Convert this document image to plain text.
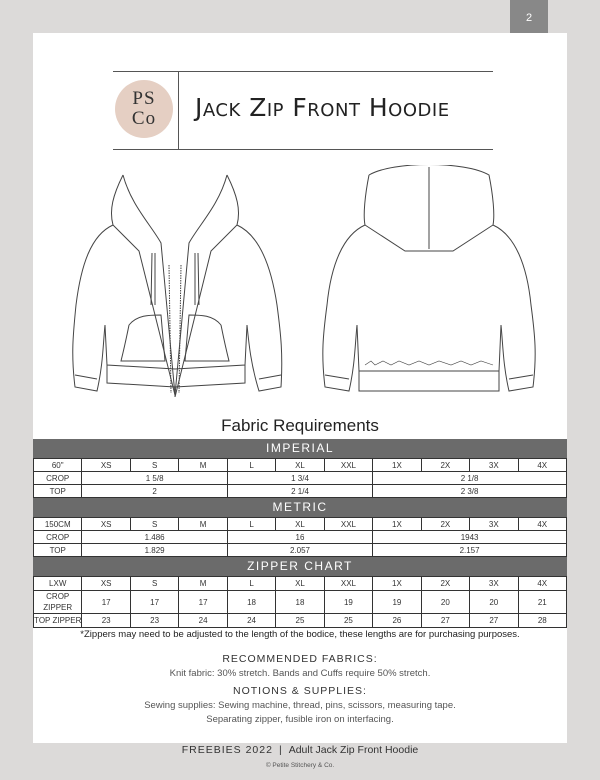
2
PS
Co	Jack Zip Front Hoodie
Fabric Requirements
IMPERIAL
60"	XS	S	M	L	XL	XXL	1X	2X	3X	4X
CROP	1 5/8			1 3/4			2 1/8			
TOP	2			2 1/4			2 3/8			
METRIC
150CM	XS	S	M	L	XL	XXL	1X	2X	3X	4X
CROP	1.486			16			1943			
TOP	1.829			2.057			2.157			
ZIPPER CHART
LXW	XS	S	M	L	XL	XXL	1X	2X	3X	4X
CROP ZIPPER	17	17	17	18	18	19	19	20	20	21
TOP ZIPPER	23	23	24	24	25	25	26	27	27	28
*Zippers may need to be adjusted to the length of the bodice, these lengths are for purchasing purposes.
RECOMMENDED FABRICS:
Knit fabric: 30% stretch. Bands and Cuffs require 50% stretch.
NOTIONS & SUPPLIES:
Sewing supplies: Sewing machine, thread, pins, scissors, measuring tape.
Separating zipper, fusible iron on interfacing.
FREEBIES 2022 | Adult Jack Zip Front Hoodie
© Petite Stitchery & Co.
